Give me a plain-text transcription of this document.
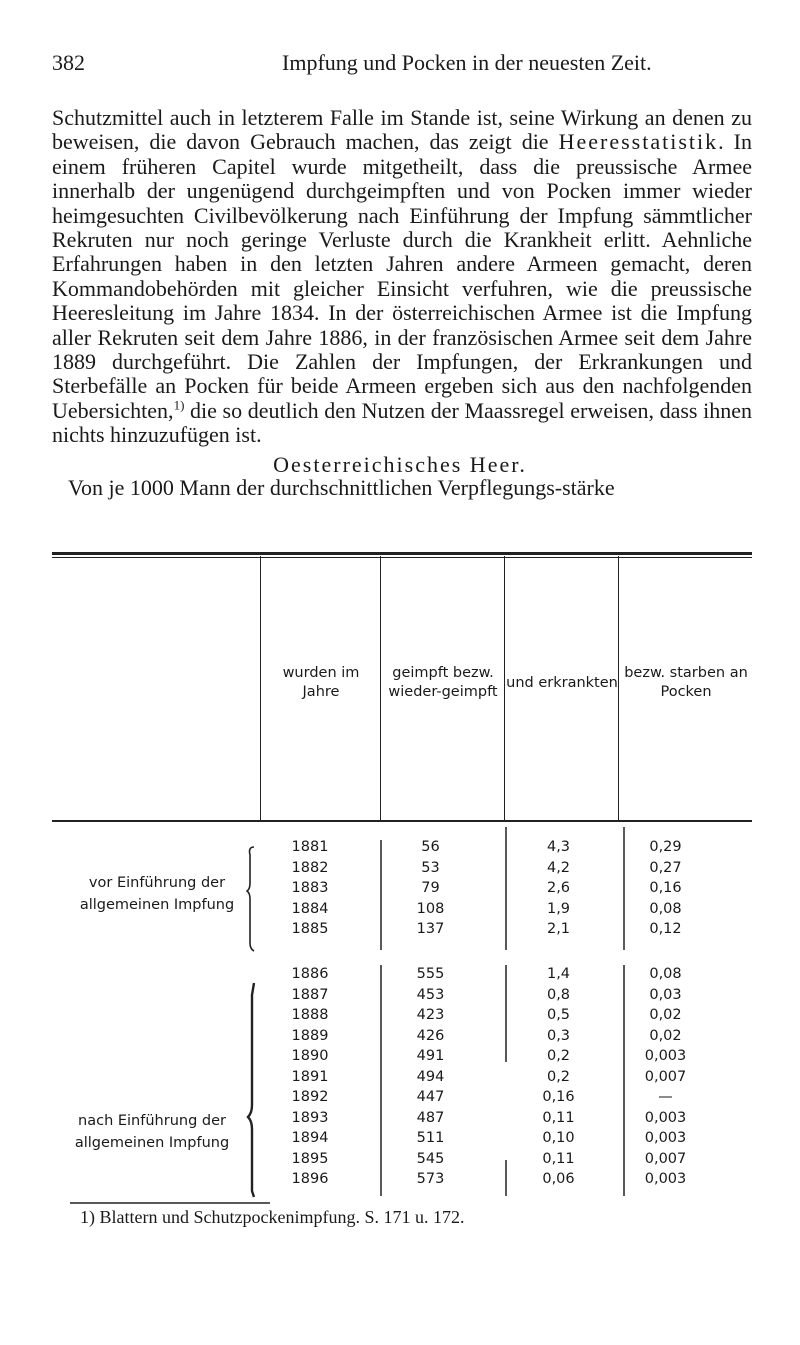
382	Impfung und Pocken in der neuesten Zeit.

Schutzmittel auch in letzterem Falle im Stande ist, seine Wirkung an denen zu beweisen, die davon Gebrauch machen, das zeigt die Heeresstatistik. In einem früheren Capitel wurde mitgetheilt, dass die preussische Armee innerhalb der ungenügend durchgeimpften und von Pocken immer wieder heimgesuchten Civilbevölkerung nach Einführung der Impfung sämmtlicher Rekruten nur noch geringe Verluste durch die Krankheit erlitt. Aehnliche Erfahrungen haben in den letzten Jahren andere Armeen gemacht, deren Kommandobehörden mit gleicher Einsicht verfuhren, wie die preussische Heeresleitung im Jahre 1834. In der österreichischen Armee ist die Impfung aller Rekruten seit dem Jahre 1886, in der französischen Armee seit dem Jahre 1889 durchgeführt. Die Zahlen der Impfungen, der Erkrankungen und Sterbefälle an Pocken für beide Armeen ergeben sich aus den nachfolgenden Uebersichten,$^{1)}$ die so deutlich den Nutzen der Maassregel erweisen, dass ihnen nichts hinzuzufügen ist.

Oesterreichisches Heer.
Von je 1000 Mann der durchschnittlichen Verpflegungs-stärke
wurden im Jahre
geimpft bezw. wieder-geimpft
und erkrankten
bezw. starben an Pocken
vor Einführung der allgemeinen Impfung
nach Einführung der allgemeinen Impfung
1881	56	4,3	0,29
1882	53	4,2	0,27
1883	79	2,6	0,16
1884	108	1,9	0,08
1885	137	2,1	0,12
1886	555	1,4	0,08
1887	453	0,8	0,03
1888	423	0,5	0,02
1889	426	0,3	0,02
1890	491	0,2	0,003
1891	494	0,2	0,007
1892	447	0,16	—
1893	487	0,11	0,003
1894	511	0,10	0,003
1895	545	0,11	0,007
1896	573	0,06	0,003
1) Blattern und Schutzpockenimpfung. S. 171 u. 172.
